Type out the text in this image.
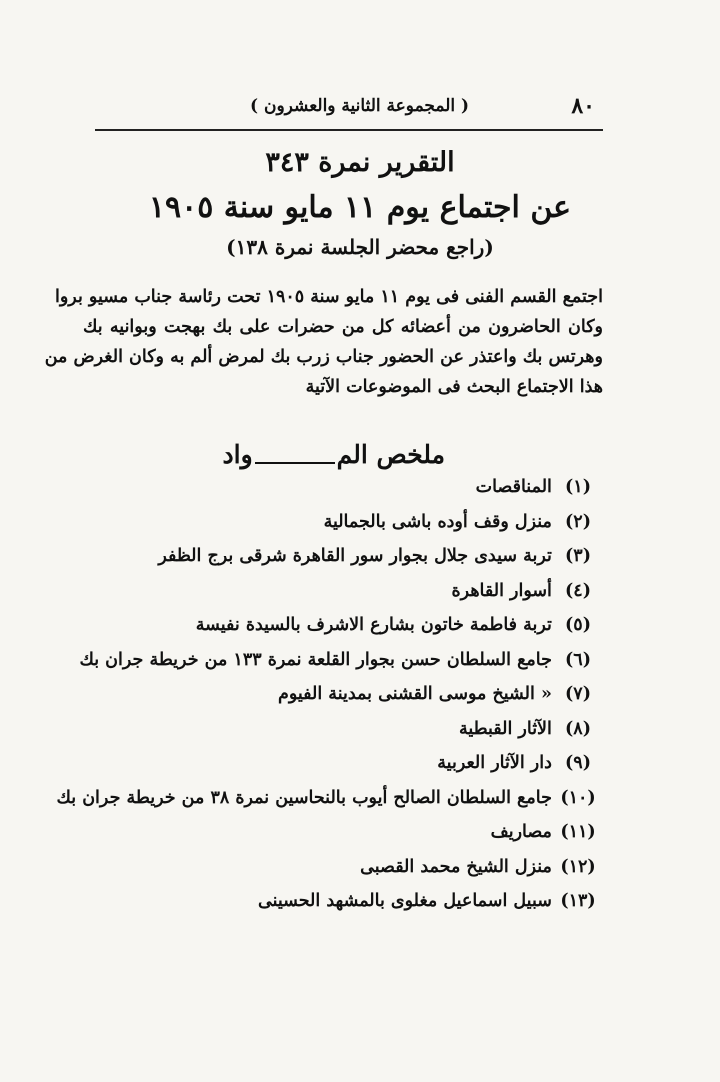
٨٠
( المجموعة الثانية والعشرون )
التقرير نمرة ٣٤٣
عن اجتماع يوم ١١ مايو سنة ١٩٠٥
(راجع محضر الجلسة نمرة ١٣٨)
اجتمع القسم الفنى فى يوم ١١ مايو سنة ١٩٠٥ تحت رئاسة جناب مسيو بروا
وكان الحاضرون من أعضائه كل من حضرات على بك بهجت وبوانيه بك
وهرتس بك واعتذر عن الحضور جناب زرب بك لمرض ألم به وكان الغرض من
هذا الاجتماع البحث فى الموضوعات الآتية
ملخص المواد
(١) المناقصات
(٢) منزل وقف أوده باشى بالجمالية
(٣) تربة سيدى جلال بجوار سور القاهرة شرقى برج الظفر
(٤) أسوار القاهرة
(٥) تربة فاطمة خاتون بشارع الاشرف بالسيدة نفيسة
(٦) جامع السلطان حسن بجوار القلعة نمرة ١٣٣ من خريطة جران بك
(٧) « الشيخ موسى القشنى بمدينة الفيوم
(٨) الآثار القبطية
(٩) دار الآثار العربية
(١٠) جامع السلطان الصالح أيوب بالنحاسين نمرة ٣٨ من خريطة جران بك
(١١) مصاريف
(١٢) منزل الشيخ محمد القصبى
(١٣) سبيل اسماعيل مغلوى بالمشهد الحسينى
